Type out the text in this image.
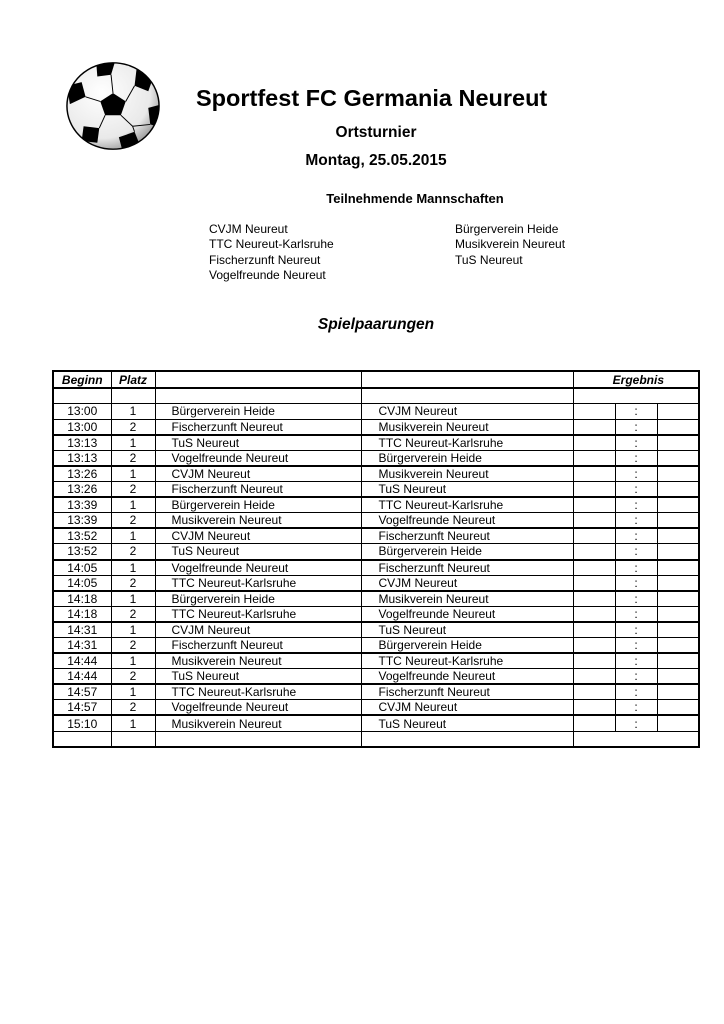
Sportfest FC Germania Neureut
Ortsturnier
Montag, 25.05.2015
Teilnehmende Mannschaften
CVJM Neureut
TTC Neureut-Karlsruhe
Fischerzunft Neureut
Vogelfreunde Neureut
Bürgerverein Heide
Musikverein Neureut
TuS Neureut
Spielpaarungen
Beginn	Platz			Ergebnis		

13:00	1	Bürgerverein Heide	CVJM Neureut		:	
13:00	2	Fischerzunft Neureut	Musikverein Neureut		:	
13:13	1	TuS Neureut	TTC Neureut-Karlsruhe		:	
13:13	2	Vogelfreunde Neureut	Bürgerverein Heide		:	
13:26	1	CVJM Neureut	Musikverein Neureut		:	
13:26	2	Fischerzunft Neureut	TuS Neureut		:	
13:39	1	Bürgerverein Heide	TTC Neureut-Karlsruhe		:	
13:39	2	Musikverein Neureut	Vogelfreunde Neureut		:	
13:52	1	CVJM Neureut	Fischerzunft Neureut		:	
13:52	2	TuS Neureut	Bürgerverein Heide		:	
14:05	1	Vogelfreunde Neureut	Fischerzunft Neureut		:	
14:05	2	TTC Neureut-Karlsruhe	CVJM Neureut		:	
14:18	1	Bürgerverein Heide	Musikverein Neureut		:	
14:18	2	TTC Neureut-Karlsruhe	Vogelfreunde Neureut		:	
14:31	1	CVJM Neureut	TuS Neureut		:	
14:31	2	Fischerzunft Neureut	Bürgerverein Heide		:	
14:44	1	Musikverein Neureut	TTC Neureut-Karlsruhe		:	
14:44	2	TuS Neureut	Vogelfreunde Neureut		:	
14:57	1	TTC Neureut-Karlsruhe	Fischerzunft Neureut		:	
14:57	2	Vogelfreunde Neureut	CVJM Neureut		:	
15:10	1	Musikverein Neureut	TuS Neureut		:	
